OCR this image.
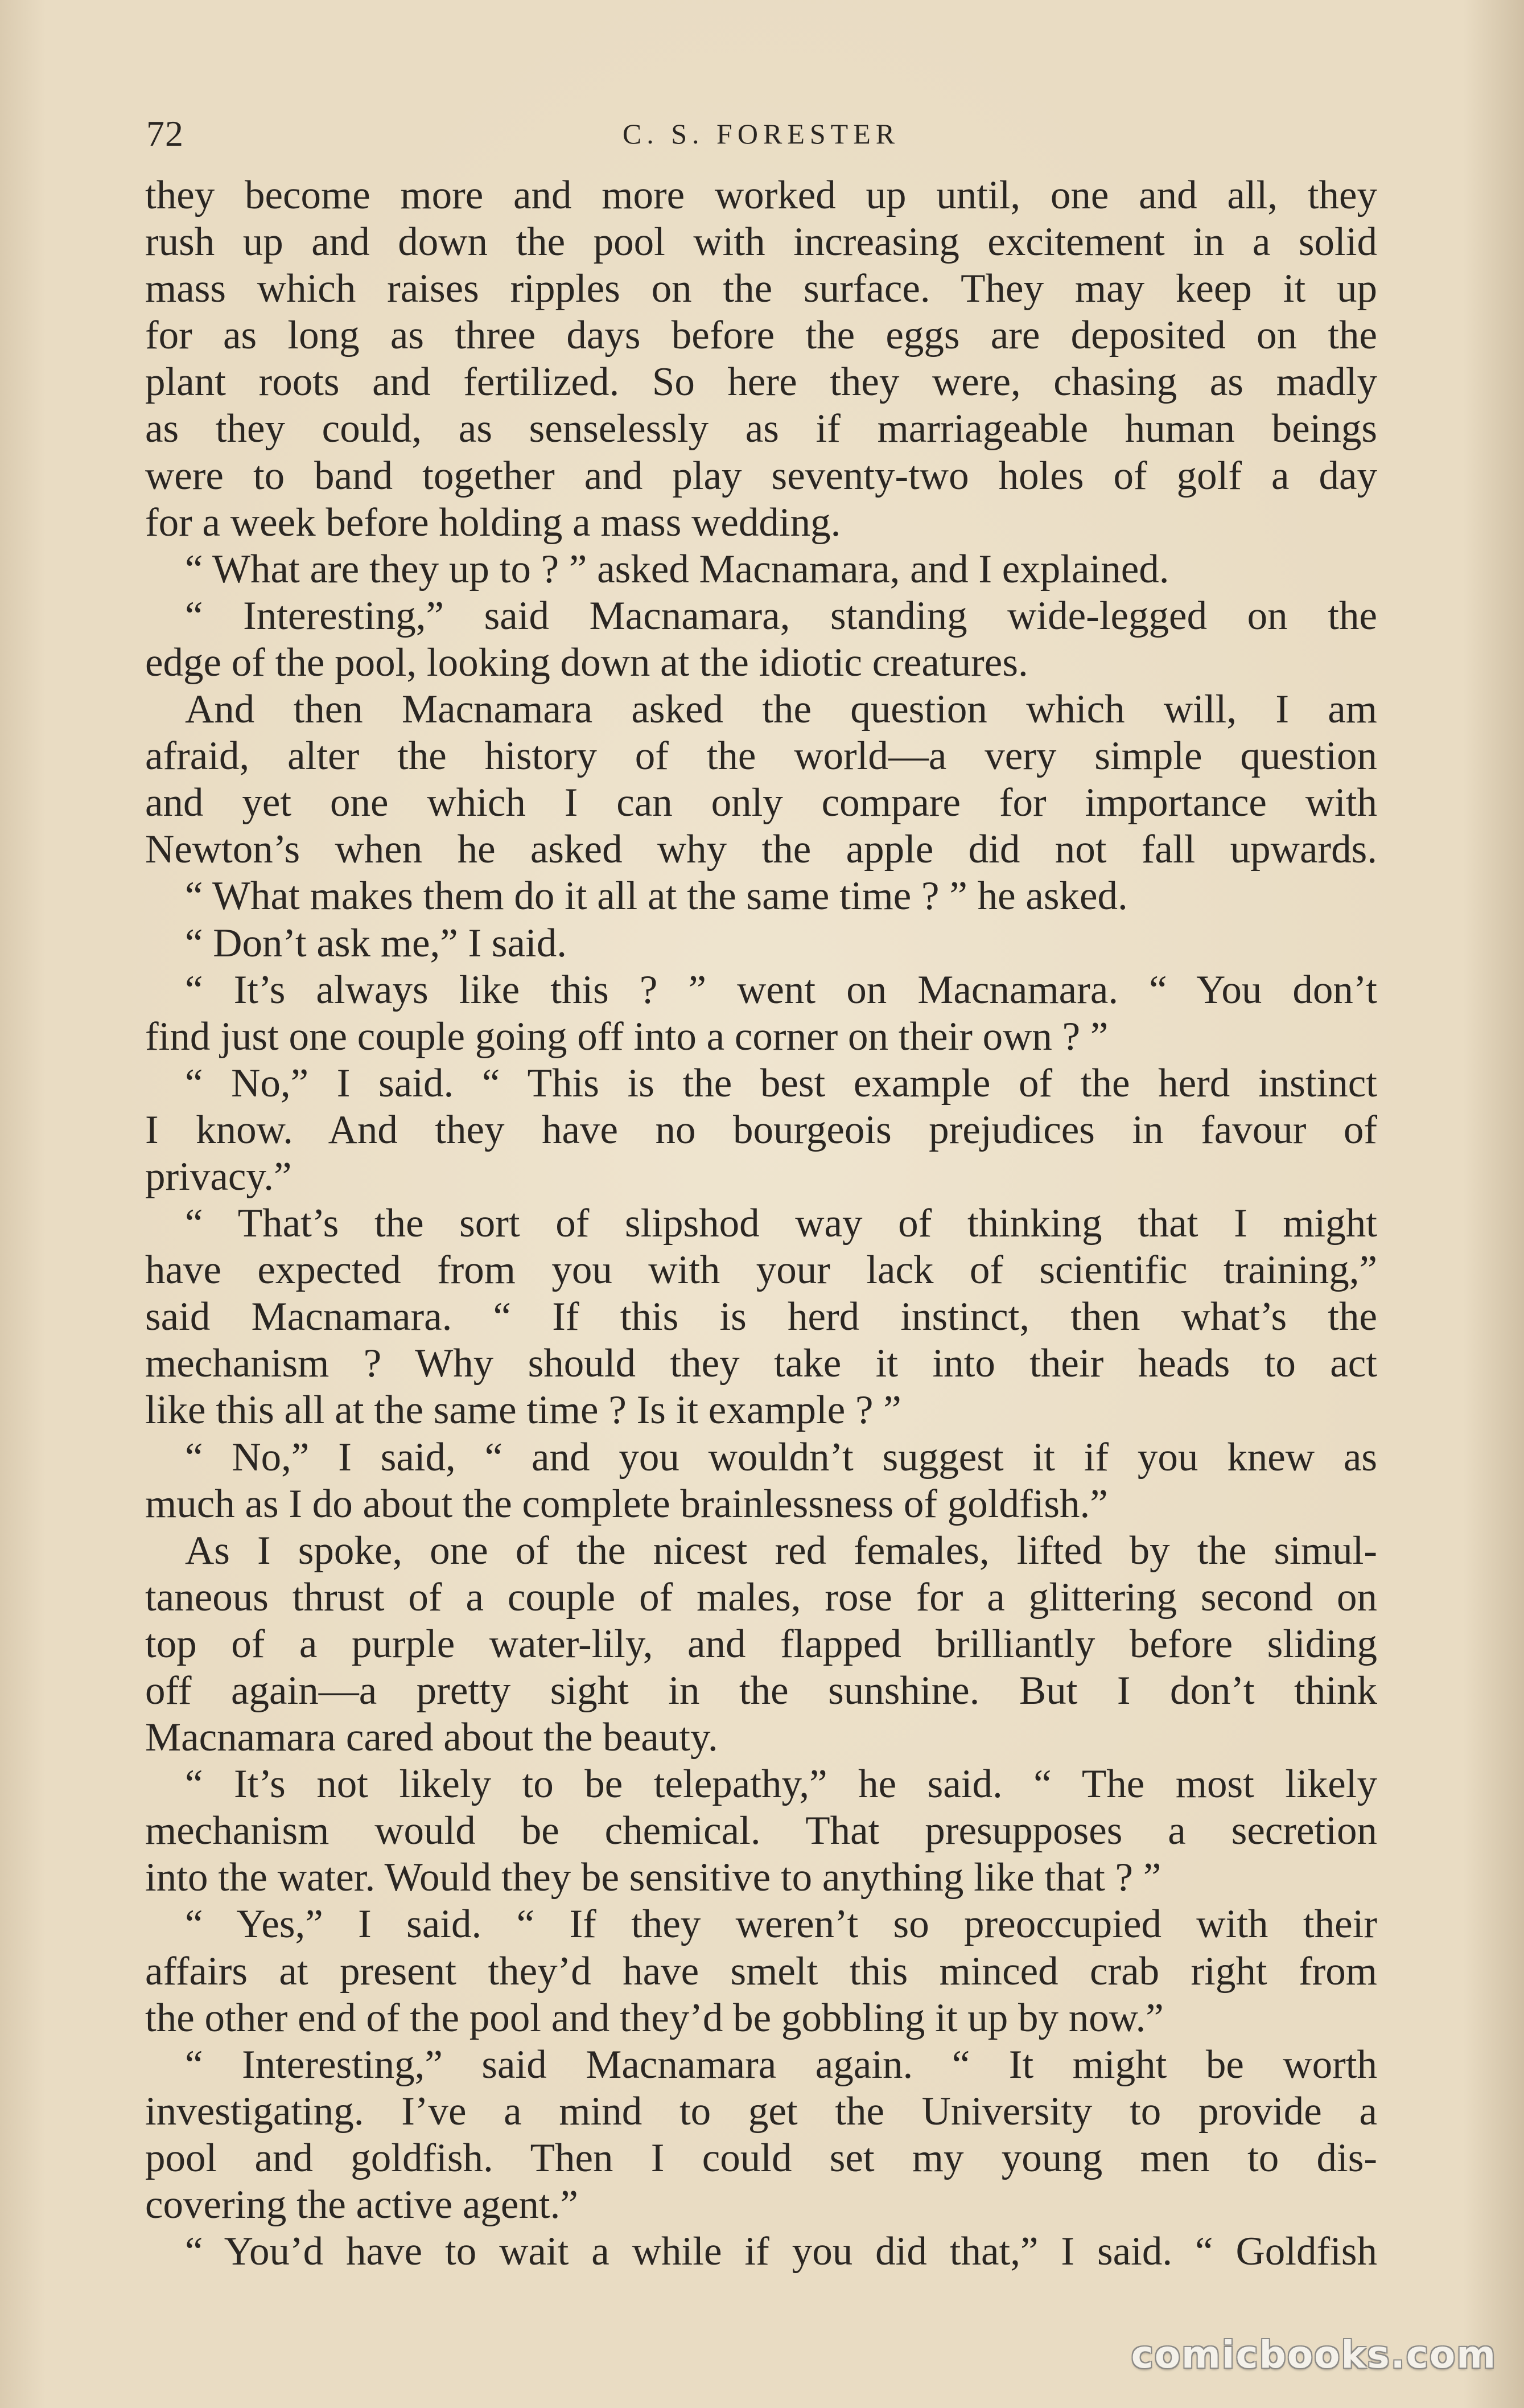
72	C. S. FORESTER
they become more and more worked up until, one and all, they
rush up and down the pool with increasing excitement in a solid
mass which raises ripples on the surface. They may keep it up
for as long as three days before the eggs are deposited on the
plant roots and fertilized. So here they were, chasing as madly
as they could, as senselessly as if marriageable human beings
were to band together and play seventy-two holes of golf a day
for a week before holding a mass wedding.
“ What are they up to ? ” asked Macnamara, and I explained.
“ Interesting,” said Macnamara, standing wide-legged on the
edge of the pool, looking down at the idiotic creatures.
And then Macnamara asked the question which will, I am
afraid, alter the history of the world—a very simple question
and yet one which I can only compare for importance with
Newton’s when he asked why the apple did not fall upwards.
“ What makes them do it all at the same time ? ” he asked.
“ Don’t ask me,” I said.
“ It’s always like this ? ” went on Macnamara. “ You don’t
find just one couple going off into a corner on their own ? ”
“ No,” I said. “ This is the best example of the herd instinct
I know. And they have no bourgeois prejudices in favour of
privacy.”
“ That’s the sort of slipshod way of thinking that I might
have expected from you with your lack of scientific training,”
said Macnamara. “ If this is herd instinct, then what’s the
mechanism ? Why should they take it into their heads to act
like this all at the same time ? Is it example ? ”
“ No,” I said, “ and you wouldn’t suggest it if you knew as
much as I do about the complete brainlessness of goldfish.”
As I spoke, one of the nicest red females, lifted by the simul-
taneous thrust of a couple of males, rose for a glittering second on
top of a purple water-lily, and flapped brilliantly before sliding
off again—a pretty sight in the sunshine. But I don’t think
Macnamara cared about the beauty.
“ It’s not likely to be telepathy,” he said. “ The most likely
mechanism would be chemical. That presupposes a secretion
into the water. Would they be sensitive to anything like that ? ”
“ Yes,” I said. “ If they weren’t so preoccupied with their
affairs at present they’d have smelt this minced crab right from
the other end of the pool and they’d be gobbling it up by now.”
“ Interesting,” said Macnamara again. “ It might be worth
investigating. I’ve a mind to get the University to provide a
pool and goldfish. Then I could set my young men to dis-
covering the active agent.”
“ You’d have to wait a while if you did that,” I said. “ Goldfish
comicbooks.com
